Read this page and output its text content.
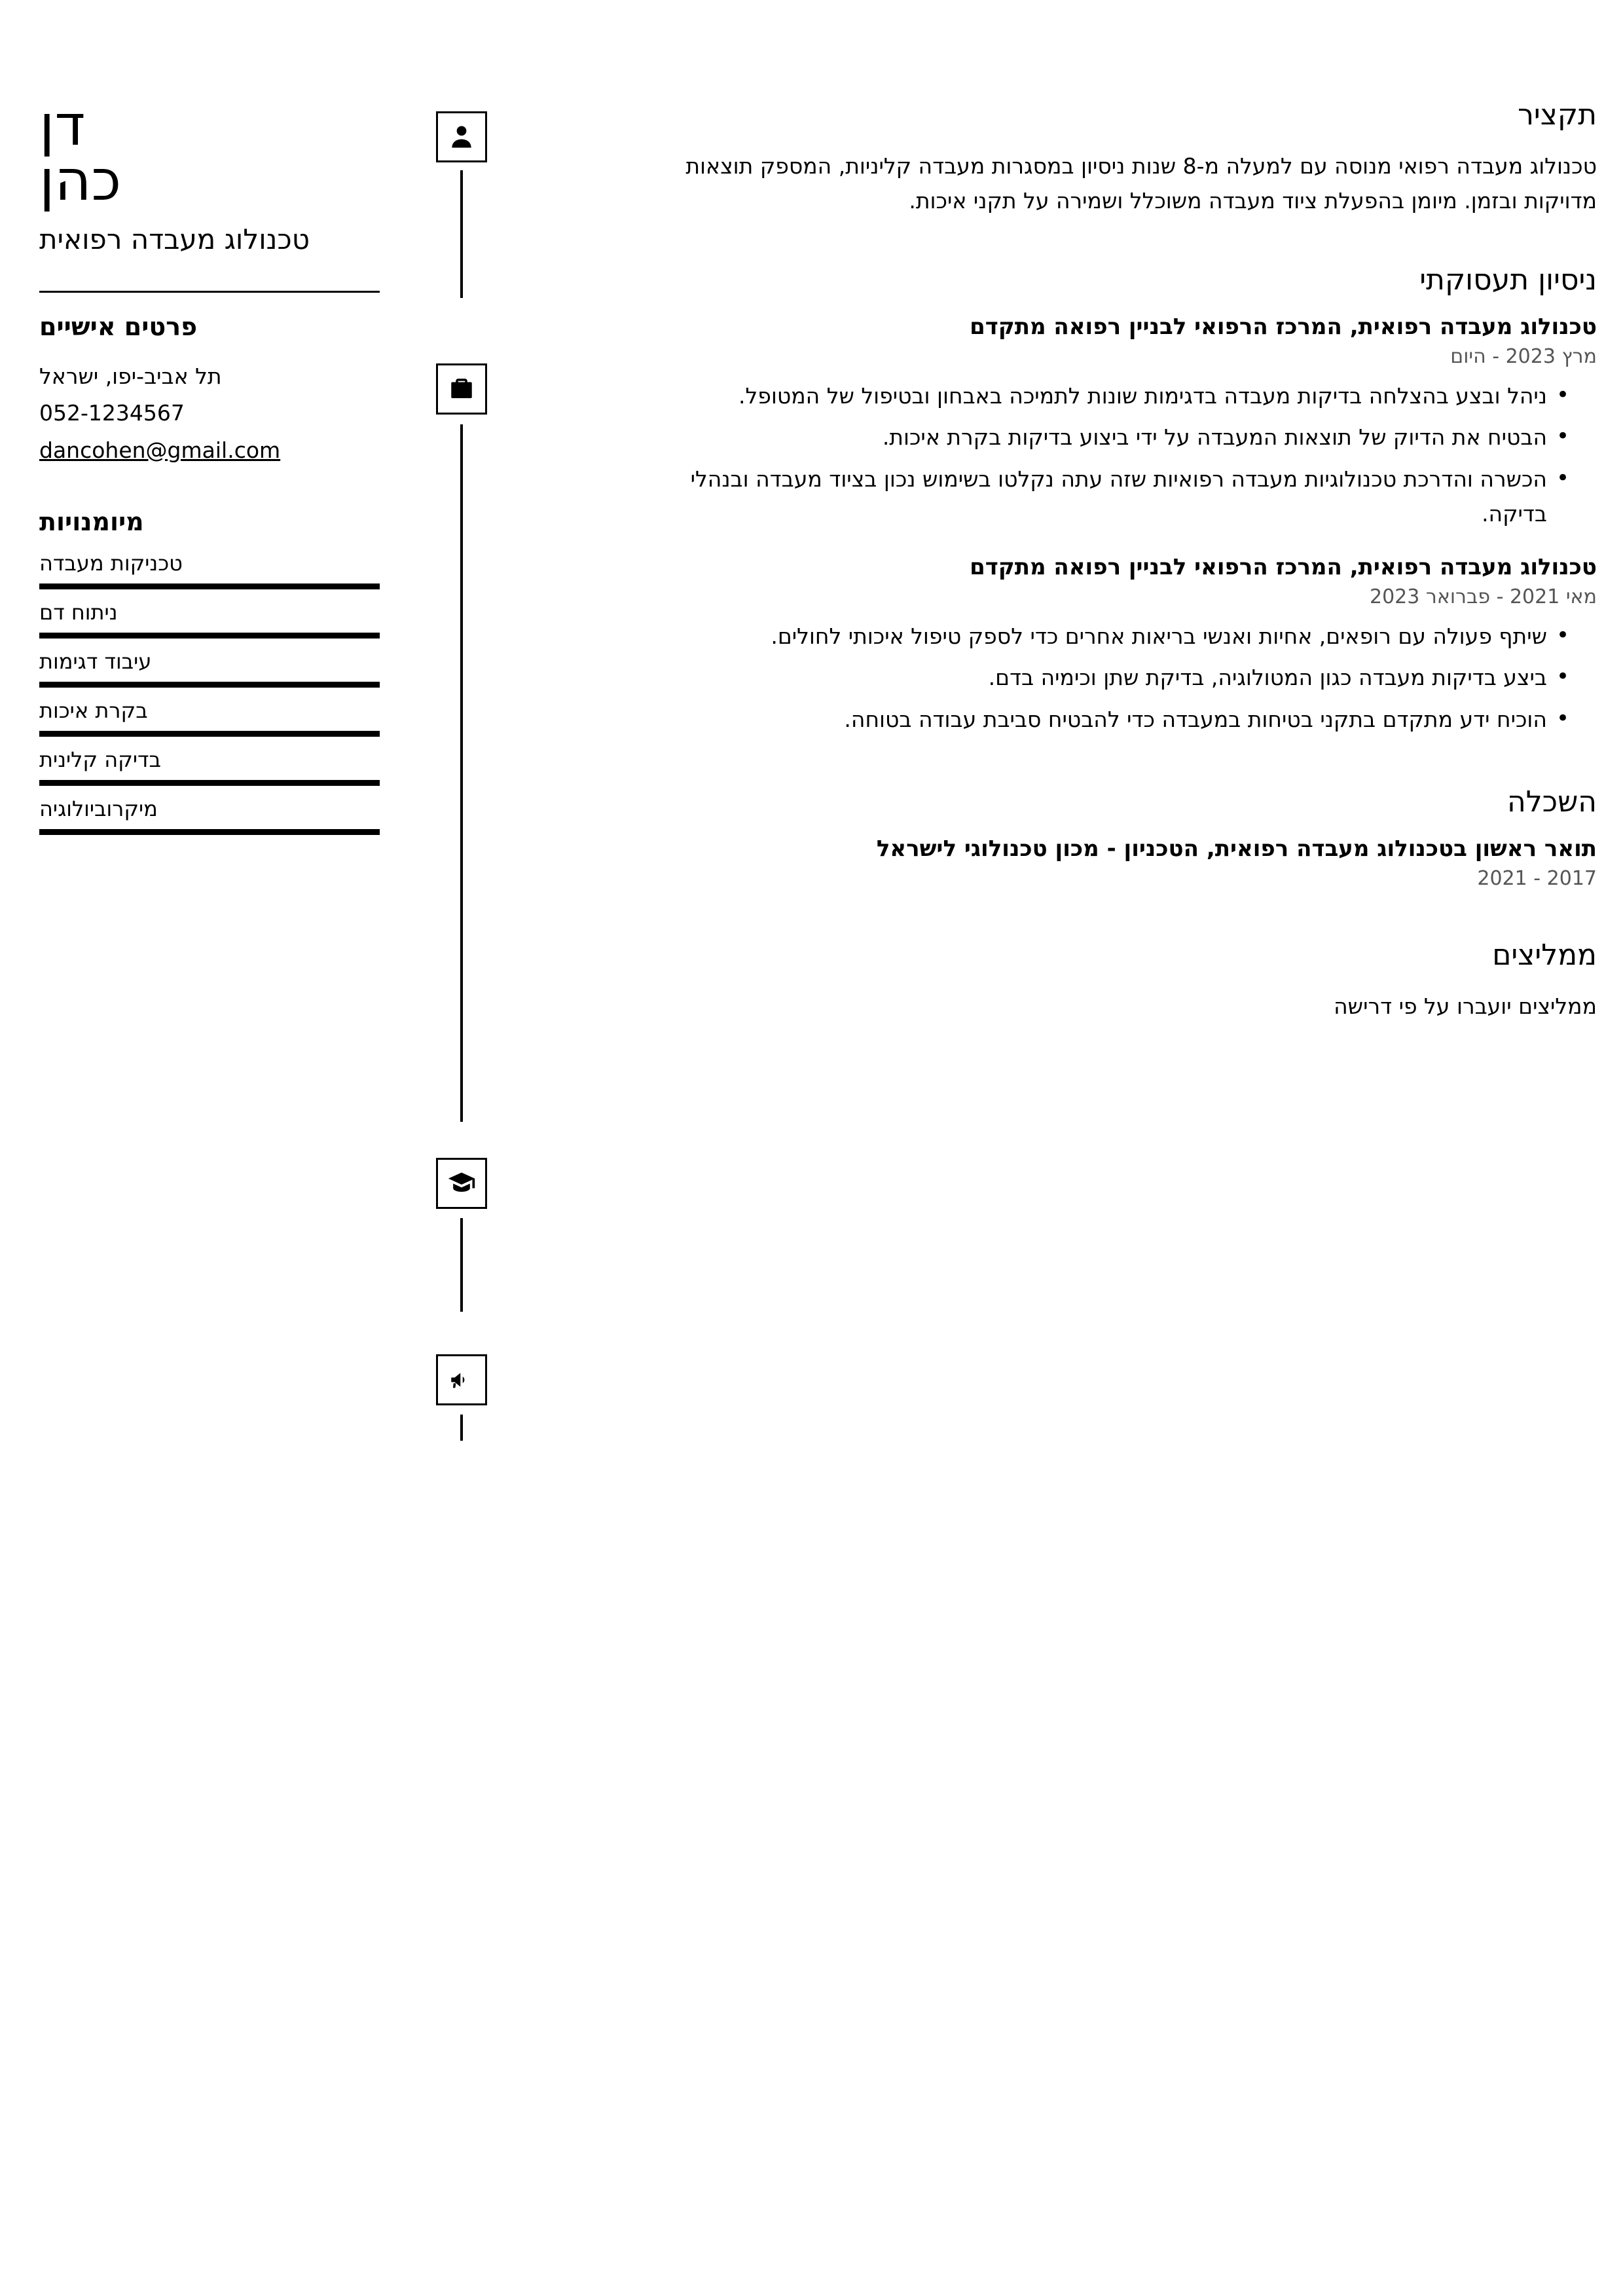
תקציר
טכנולוג מעבדה רפואי מנוסה עם למעלה מ-8 שנות ניסיון במסגרות מעבדה קליניות, המספק תוצאות מדויקות ובזמן. מיומן בהפעלת ציוד מעבדה משוכלל ושמירה על תקני איכות.
ניסיון תעסוקתי
טכנולוג מעבדה רפואית, המרכז הרפואי לבניין רפואה מתקדם
מרץ 2023 - היום
• ניהל ובצע בהצלחה בדיקות מעבדה בדגימות שונות לתמיכה באבחון ובטיפול של המטופל.
• הבטיח את הדיוק של תוצאות המעבדה על ידי ביצוע בדיקות בקרת איכות.
• הכשרה והדרכת טכנולוגיות מעבדה רפואיות שזה עתה נקלטו בשימוש נכון בציוד מעבדה ובנהלי בדיקה.
טכנולוג מעבדה רפואית, המרכז הרפואי לבניין רפואה מתקדם
מאי 2021 - פברואר 2023
• שיתף פעולה עם רופאים, אחיות ואנשי בריאות אחרים כדי לספק טיפול איכותי לחולים.
• ביצע בדיקות מעבדה כגון המטולוגיה, בדיקת שתן וכימיה בדם.
• הוכיח ידע מתקדם בתקני בטיחות במעבדה כדי להבטיח סביבת עבודה בטוחה.
השכלה
תואר ראשון בטכנולוג מעבדה רפואית, הטכניון - מכון טכנולוגי לישראל
2017 - 2021
ממליצים
ממליצים יועברו על פי דרישה
דן
כהן
טכנולוג מעבדה רפואית
פרטים אישיים
תל אביב-יפו, ישראל
052-1234567
dancohen@gmail.com
מיומנויות
טכניקות מעבדה
ניתוח דם
עיבוד דגימות
בקרת איכות
בדיקה קלינית
מיקרוביולוגיה
